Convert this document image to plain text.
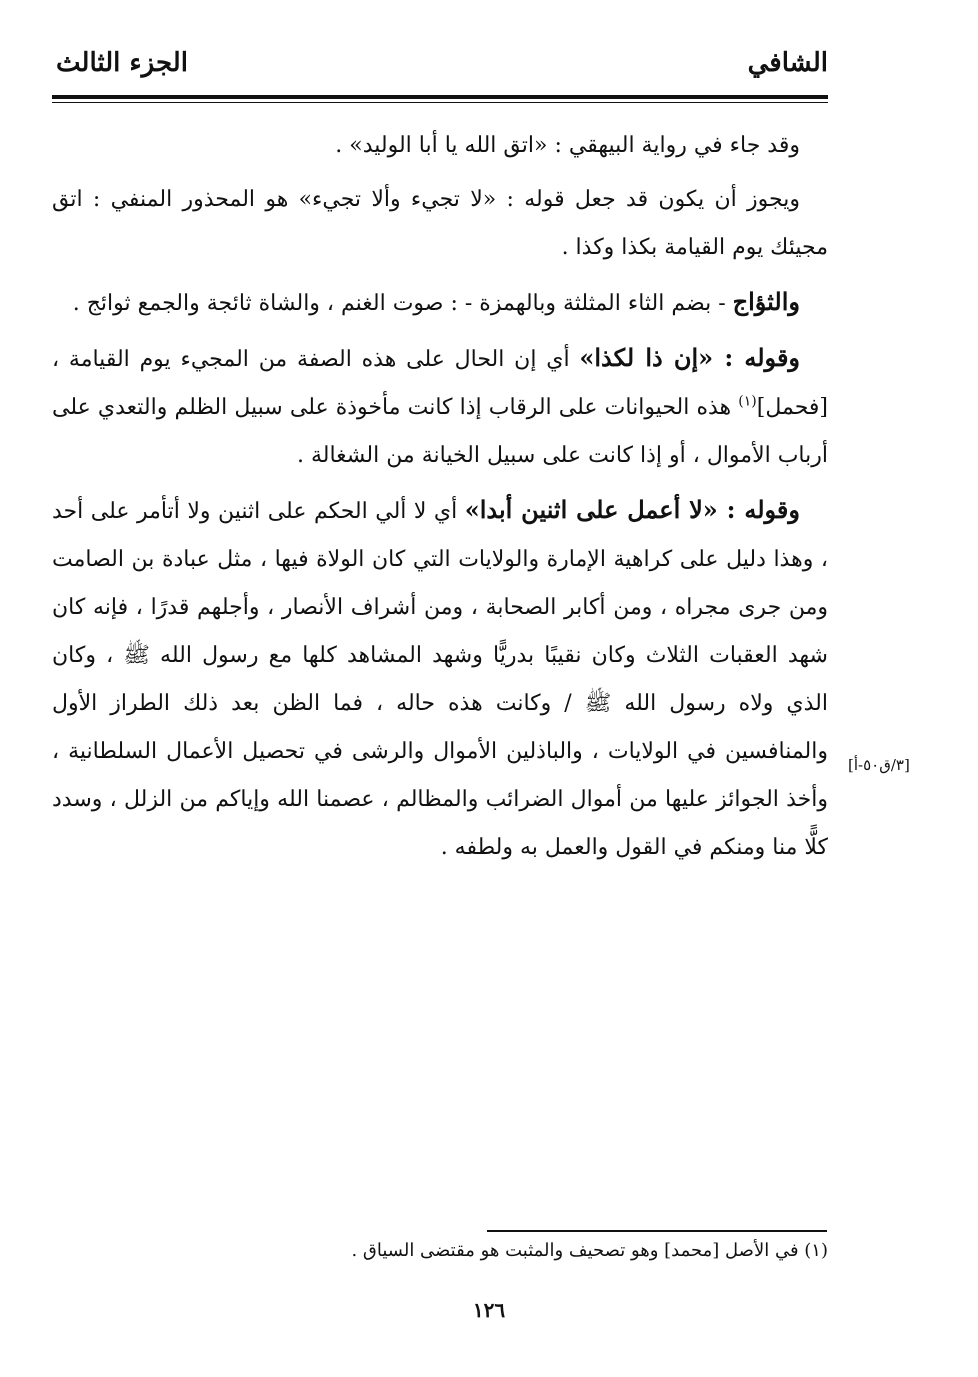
الشافي
الجزء الثالث

وقد جاء في رواية البيهقي : «اتق الله يا أبا الوليد» .

ويجوز أن يكون قد جعل قوله : «لا تجيء وألا تجيء» هو المحذور المنفي : اتق مجيئك يوم القيامة بكذا وكذا .

والثؤاج - بضم الثاء المثلثة وبالهمزة - : صوت الغنم ، والشاة ثائجة والجمع ثوائج .

وقوله : «إن ذا لكذا» أي إن الحال على هذه الصفة من المجيء يوم القيامة ، [فحمل]$^{(١)}$ هذه الحيوانات على الرقاب إذا كانت مأخوذة على سبيل الظلم والتعدي على أرباب الأموال ، أو إذا كانت على سبيل الخيانة من الشغالة .

وقوله : «لا أعمل على اثنين أبدا» أي لا ألي الحكم على اثنين ولا أتأمر على أحد ، وهذا دليل على كراهية الإمارة والولايات التي كان الولاة فيها ، مثل عبادة بن الصامت ومن جرى مجراه ، ومن أكابر الصحابة ، ومن أشراف الأنصار ، وأجلهم قدرًا ، فإنه كان شهد العقبات الثلاث وكان نقيبًا بدريًّا وشهد المشاهد كلها مع رسول الله ﷺ ، وكان الذي ولاه رسول الله ﷺ / وكانت هذه حاله ، فما الظن بعد ذلك الطراز الأول والمنافسين في الولايات ، والباذلين الأموال والرشى في تحصيل الأعمال السلطانية ، وأخذ الجوائز عليها من أموال الضرائب والمظالم ، عصمنا الله وإياكم من الزلل ، وسدد كلًّا منا ومنكم في القول والعمل به ولطفه .

[٣/ق٥٠-أ]
(١) في الأصل [محمد] وهو تصحيف والمثبت هو مقتضى السياق .
١٢٦
